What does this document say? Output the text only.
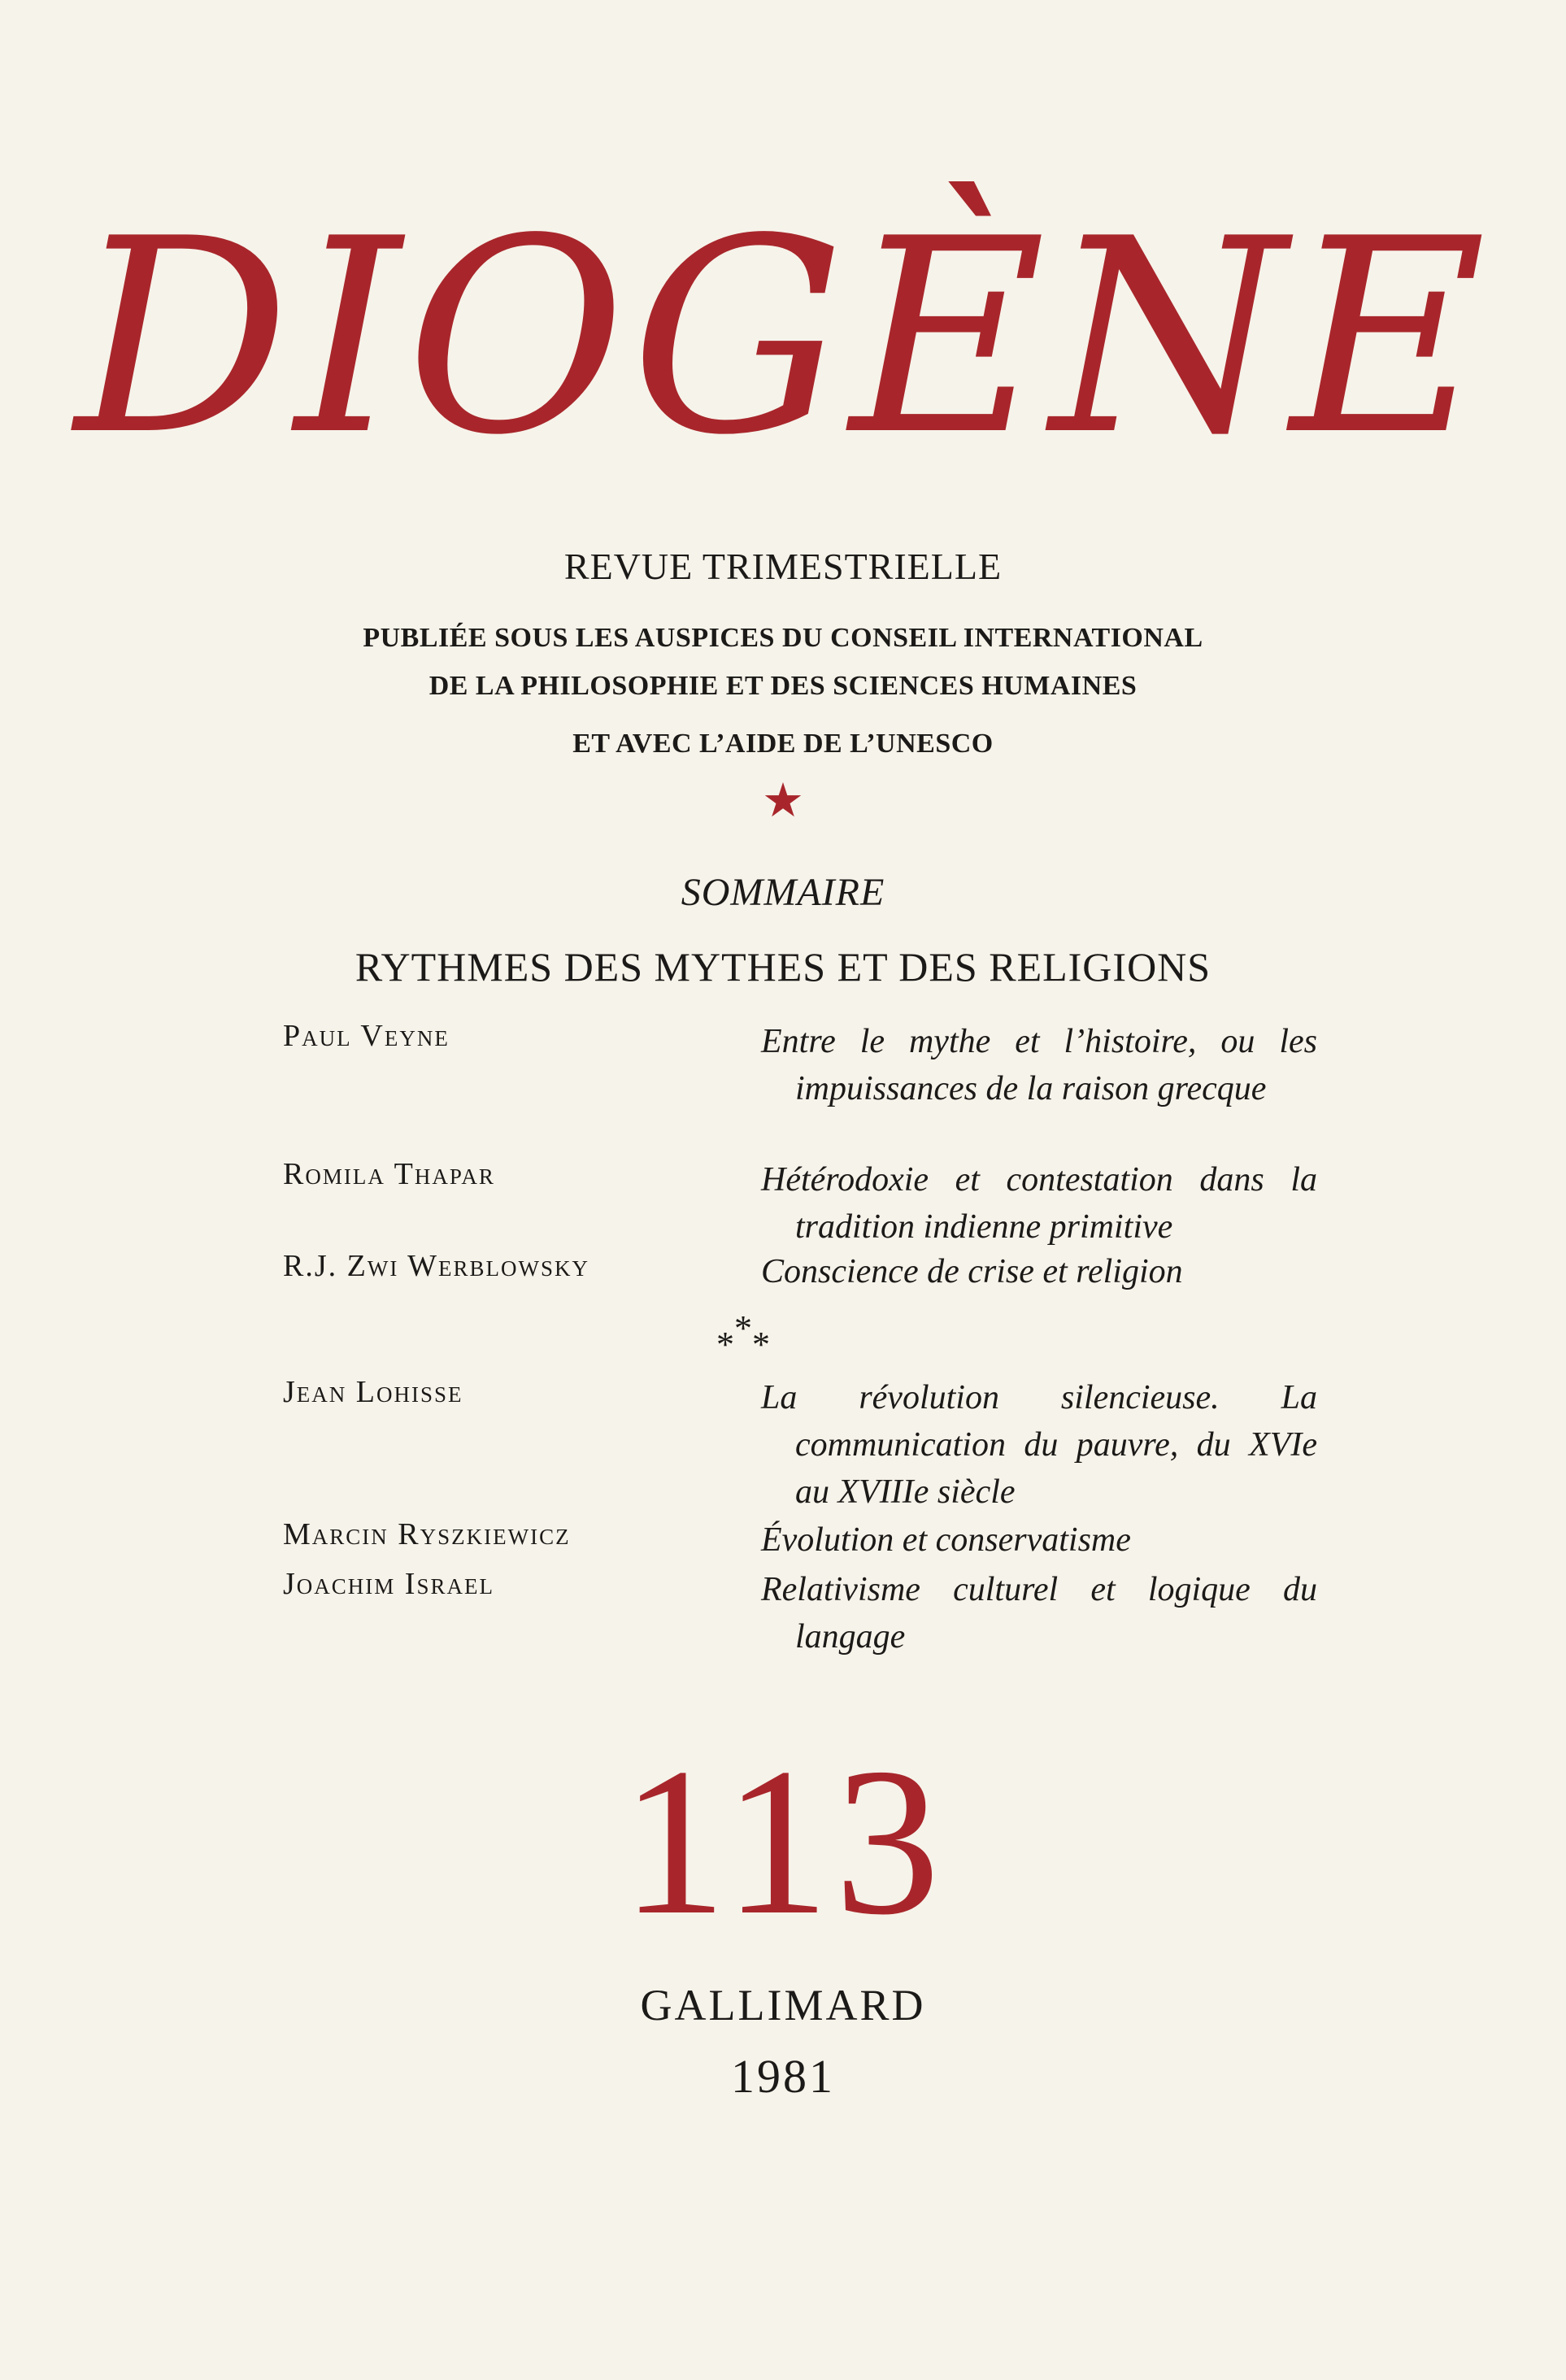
DIOGÈNE
REVUE TRIMESTRIELLE
PUBLIÉE SOUS LES AUSPICES DU CONSEIL INTERNATIONAL
DE LA PHILOSOPHIE ET DES SCIENCES HUMAINES
ET AVEC L’AIDE DE L’UNESCO
★
SOMMAIRE
RYTHMES DES MYTHES ET DES RELIGIONS
Paul Veyne	Entre le mythe et l’histoire, ou les impuissances de la raison grecque
Romila Thapar	Hétérodoxie et contestation dans la tradition indienne primitive
R.J. Zwi Werblowsky	Conscience de crise et religion
*
* *
Jean Lohisse	La révolution silencieuse. La communication du pauvre, du XVIe au XVIIIe siècle
Marcin Ryszkiewicz	Évolution et conservatisme
Joachim Israel	Relativisme culturel et logique du langage
113
GALLIMARD
1981
